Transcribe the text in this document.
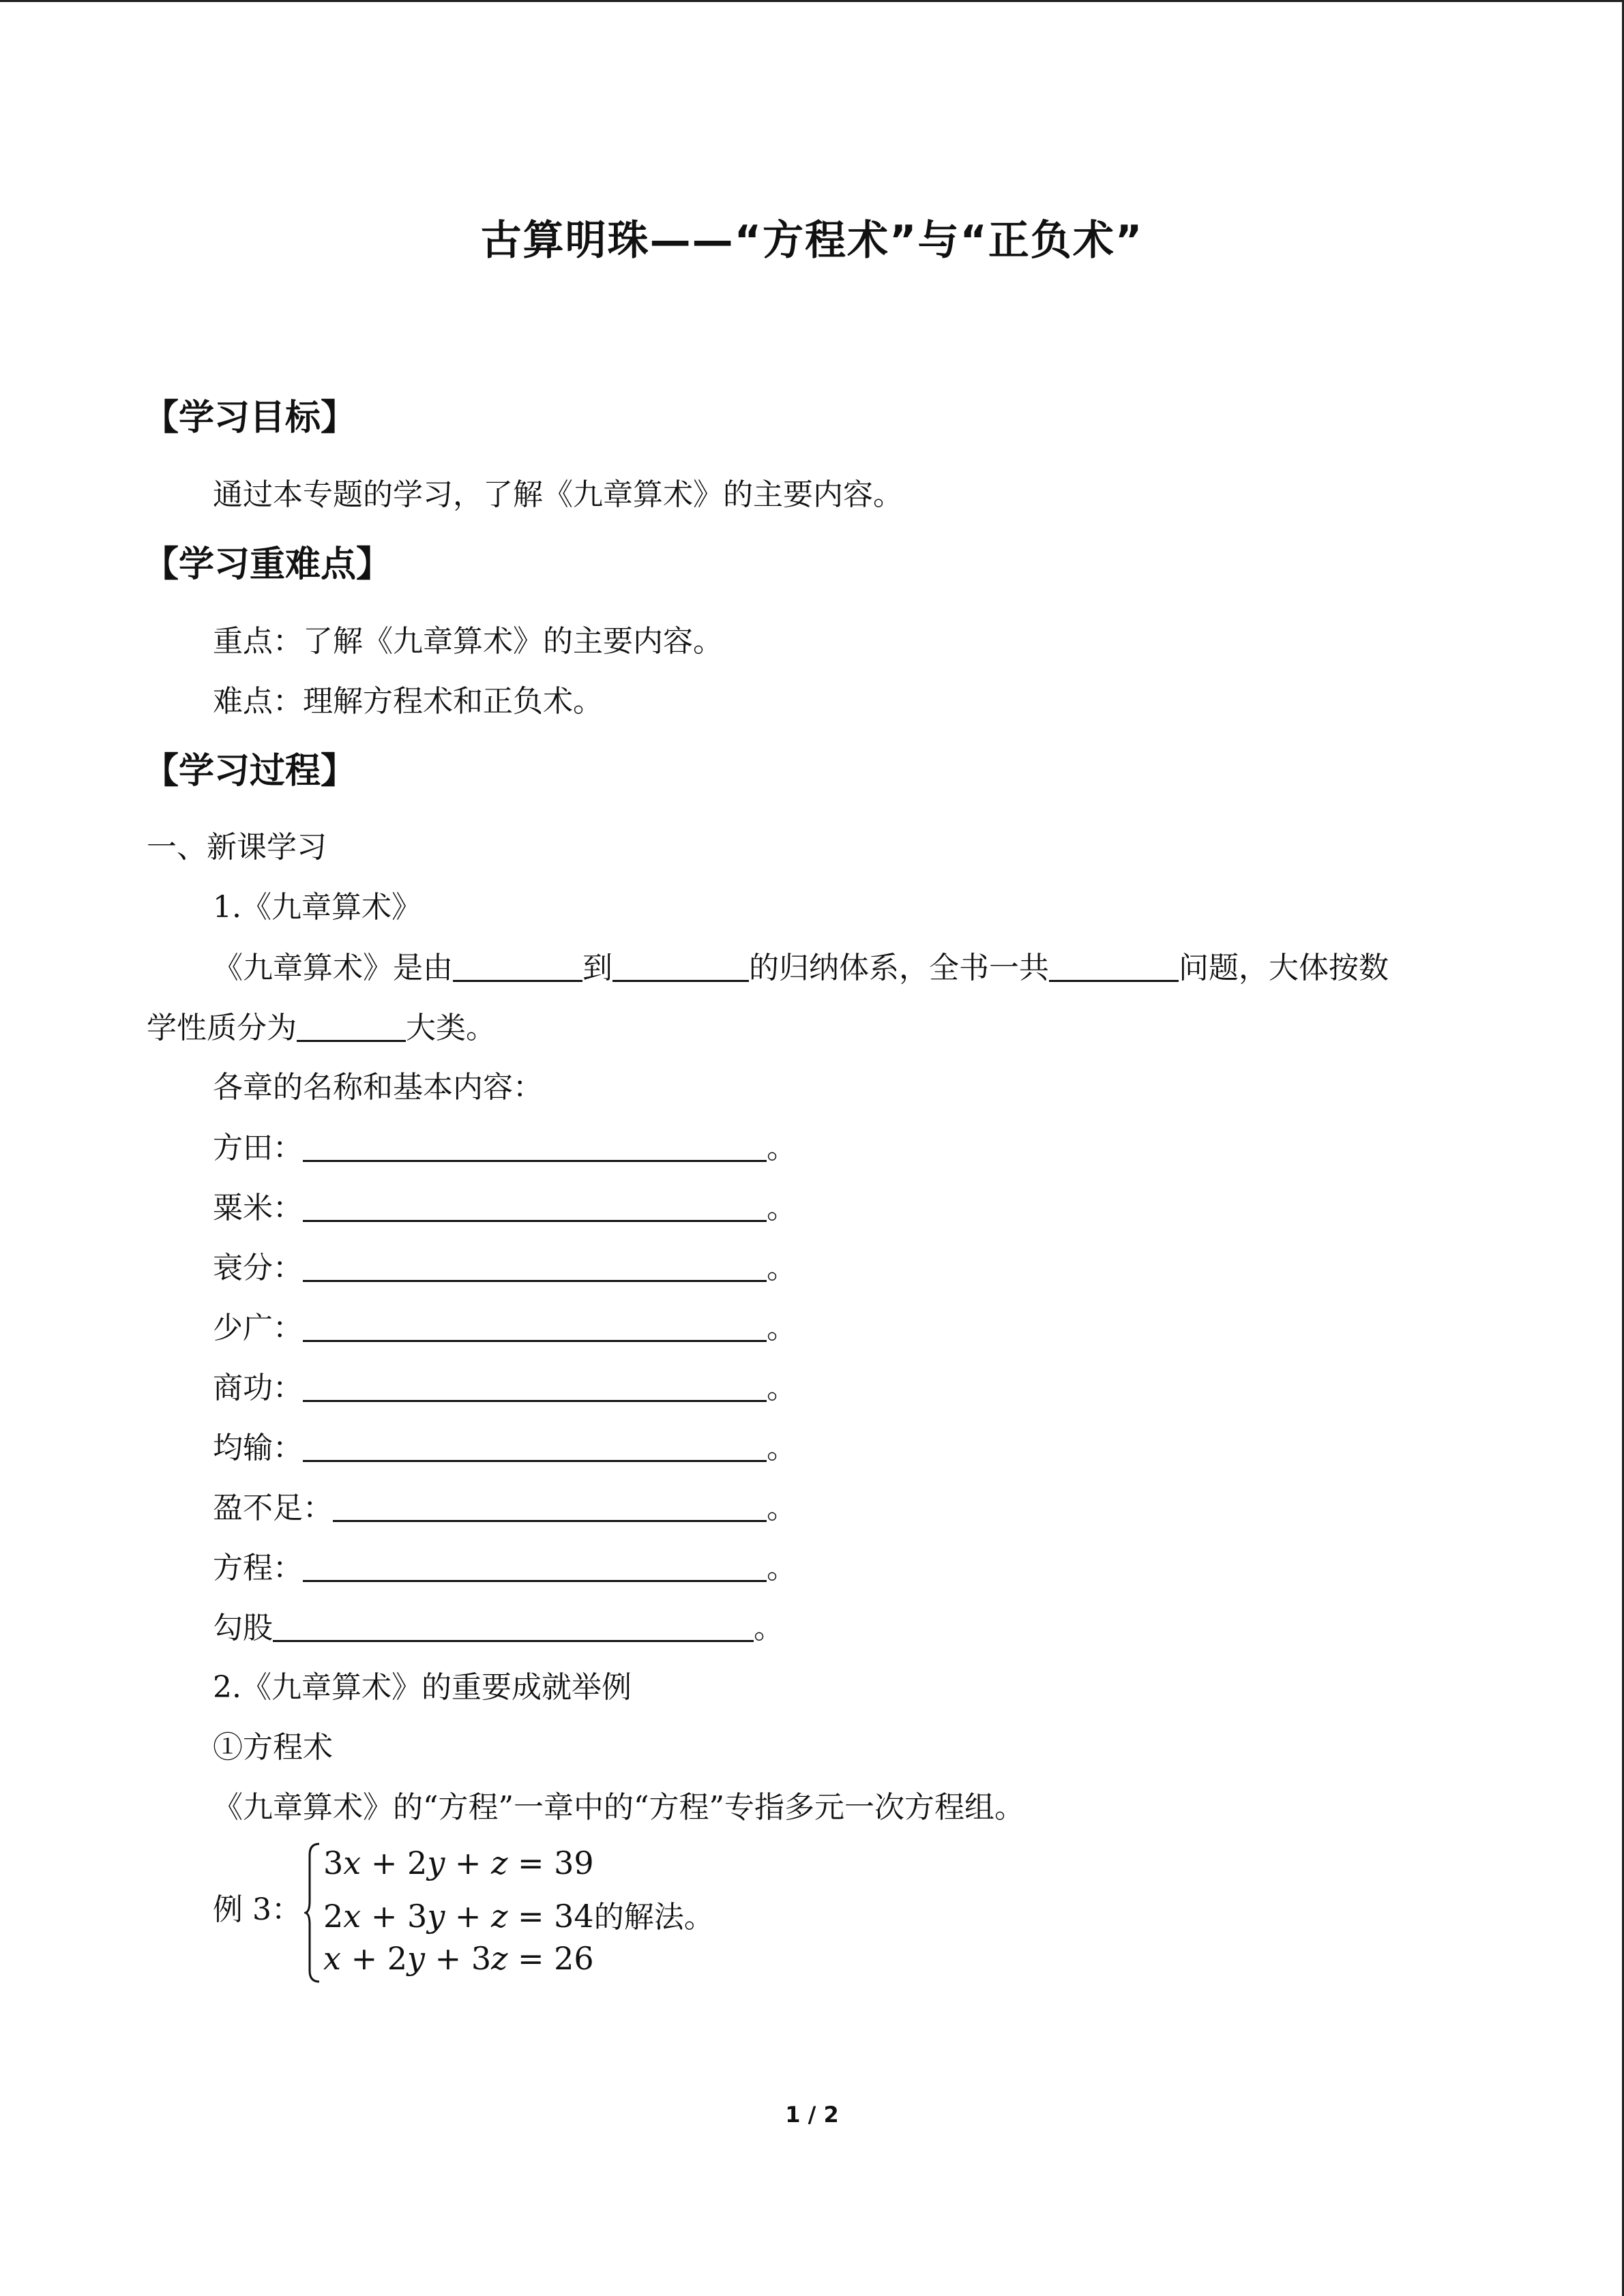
古算明珠——“方程术”与“正负术”
【学习目标】
通过本专题的学习，了解《九章算术》的主要内容。
【学习重难点】
重点：了解《九章算术》的主要内容。
难点：理解方程术和正负术。
【学习过程】
一、新课学习
1.《九章算术》
《九章算术》是由	到	的归纳体系，全书一共	问题，大体按数
学性质分为	大类。
各章的名称和基本内容：
方田：	。
粟米：	。
衰分：	。
少广：	。
商功：	。
均输：	。
盈不足：	。
方程：	。
勾股	。
2.《九章算术》的重要成就举例
①方程术
《九章算术》的“方程”一章中的“方程”专指多元一次方程组。
例 3：
3x + 2y + z = 39
2x + 3y + z = 34的解法。
x + 2y + 3z = 26
1 / 2
